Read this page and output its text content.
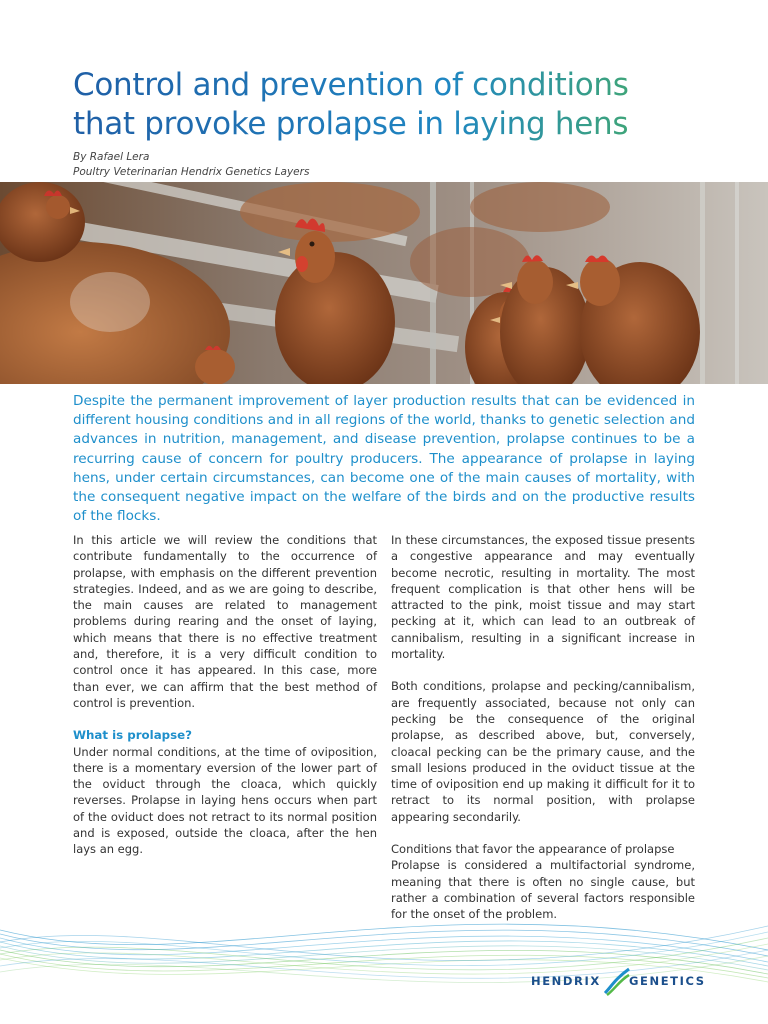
Control and prevention of conditions
that provoke prolapse in laying hens
By Rafael Lera
Poultry Veterinarian Hendrix Genetics Layers

Despite the permanent improvement of layer production results that can be evidenced in different housing conditions and in all regions of the world, thanks to genetic selection and advances in nutrition, management, and disease prevention, prolapse continues to be a recurring cause of concern for poultry producers. The appearance of prolapse in laying hens, under certain circumstances, can become one of the main causes of mortality, with the consequent negative impact on the welfare of the birds and on the productive results of the flocks.

In this article we will review the conditions that contribute fundamentally to the occurrence of prolapse, with emphasis on the different prevention strategies. Indeed, and as we are going to describe, the main causes are related to management problems during rearing and the onset of laying, which means that there is no effective treatment and, therefore, it is a very difficult condition to control once it has appeared. In this case, more than ever, we can affirm that the best method of control is prevention.

What is prolapse?

Under normal conditions, at the time of oviposition, there is a momentary eversion of the lower part of the oviduct through the cloaca, which quickly reverses. Prolapse in laying hens occurs when part of the oviduct does not retract to its normal position and is exposed, outside the cloaca, after the hen lays an egg.

In these circumstances, the exposed tissue presents a congestive appearance and may eventually become necrotic, resulting in mortality. The most frequent complication is that other hens will be attracted to the pink, moist tissue and may start pecking at it, which can lead to an outbreak of cannibalism, resulting in a significant increase in mortality.

Both conditions, prolapse and pecking/cannibalism, are frequently associated, because not only can pecking be the consequence of the original prolapse, as described above, but, conversely, cloacal pecking can be the primary cause, and the small lesions produced in the oviduct tissue at the time of oviposition end up making it difficult for it to retract to its normal position, with prolapse appearing secondarily.

Conditions that favor the appearance of prolapse

Prolapse is considered a multifactorial syndrome, meaning that there is often no single cause, but rather a combination of several factors responsible for the onset of the problem.

HENDRIX GENETICS
